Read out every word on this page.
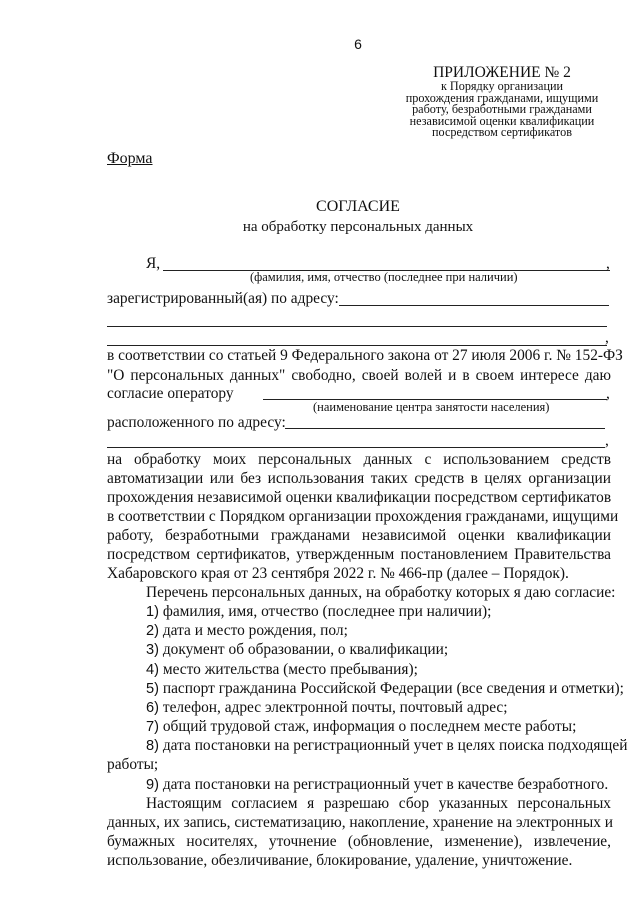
6
ПРИЛОЖЕНИЕ № 2
к Порядку организации
прохождения гражданами, ищущими
работу, безработными гражданами
независимой оценки квалификации
посредством сертификатов
Форма
СОГЛАСИЕ
на обработку персональных данных
Я,	,
(фамилия, имя, отчество (последнее при наличии)
зарегистрированный(ая) по адресу:
,
в соответствии со статьей 9 Федерального закона от 27 июля 2006 г. № 152-ФЗ
"О персональных данных" свободно, своей волей и в своем интересе даю
согласие оператору	,
(наименование центра занятости населения)
расположенного по адресу:
,
на обработку моих персональных данных с использованием средств
автоматизации или без использования таких средств в целях организации
прохождения независимой оценки квалификации посредством сертификатов
в соответствии с Порядком организации прохождения гражданами, ищущими
работу, безработными гражданами независимой оценки квалификации
посредством сертификатов, утвержденным постановлением Правительства
Хабаровского края от 23 сентября 2022 г. № 466-пр (далее – Порядок).
Перечень персональных данных, на обработку которых я даю согласие:
1) фамилия, имя, отчество (последнее при наличии);
2) дата и место рождения, пол;
3) документ об образовании, о квалификации;
4) место жительства (место пребывания);
5) паспорт гражданина Российской Федерации (все сведения и отметки);
6) телефон, адрес электронной почты, почтовый адрес;
7) общий трудовой стаж, информация о последнем месте работы;
8) дата постановки на регистрационный учет в целях поиска подходящей
работы;
9) дата постановки на регистрационный учет в качестве безработного.
Настоящим согласием я разрешаю сбор указанных персональных
данных, их запись, систематизацию, накопление, хранение на электронных и
бумажных носителях, уточнение (обновление, изменение), извлечение,
использование, обезличивание, блокирование, удаление, уничтожение.
